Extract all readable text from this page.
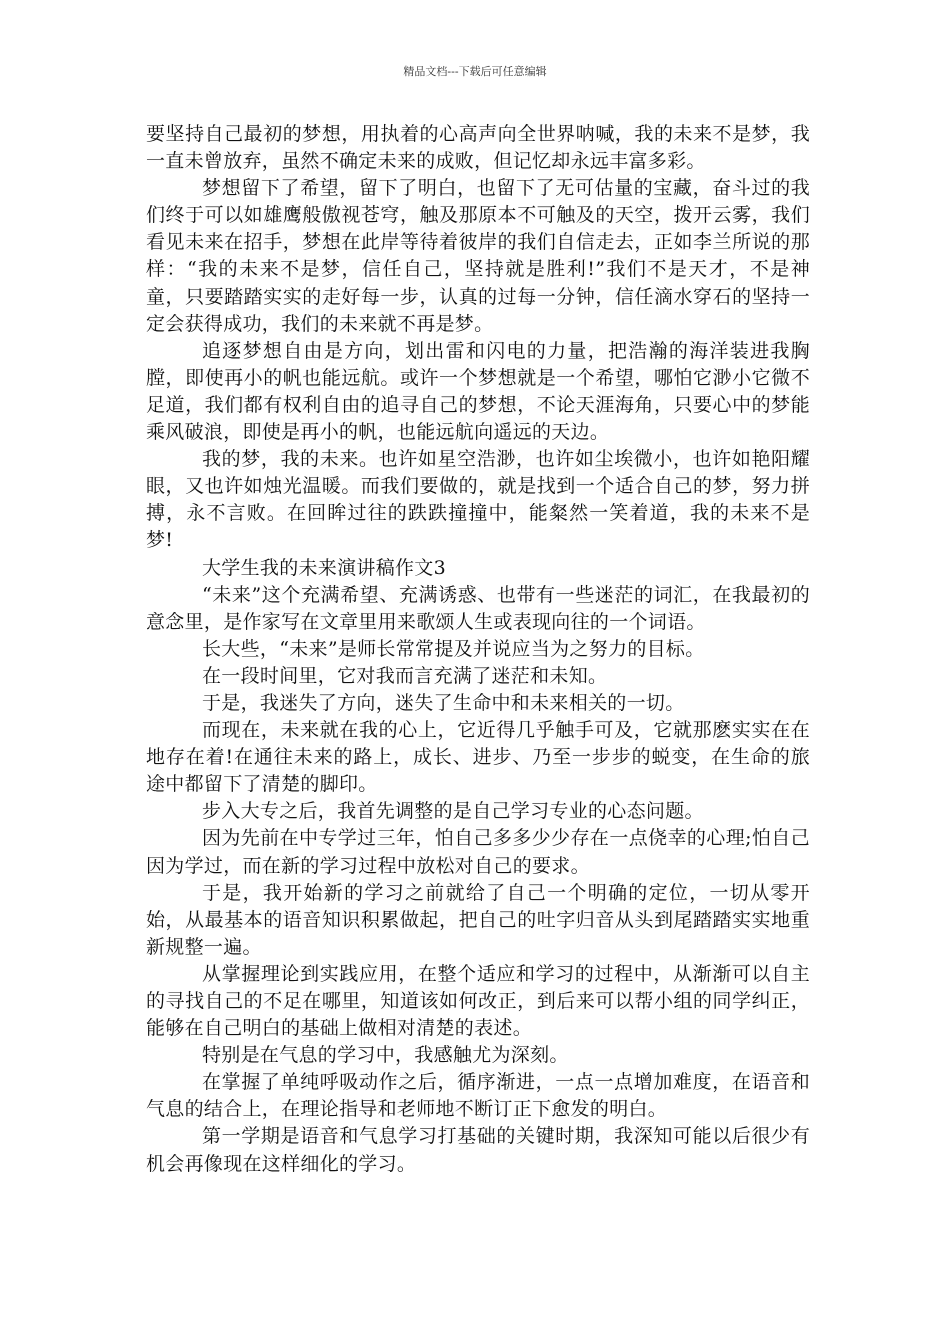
精品文档---下载后可任意编辑

要坚持自己最初的梦想，用执着的心高声向全世界呐喊，我的未来不是梦，我一直未曾放弃，虽然不确定未来的成败，但记忆却永远丰富多彩。

梦想留下了希望，留下了明白，也留下了无可估量的宝藏，奋斗过的我们终于可以如雄鹰般傲视苍穹，触及那原本不可触及的天空，拨开云雾，我们看见未来在招手，梦想在此岸等待着彼岸的我们自信走去，正如李兰所说的那样：“我的未来不是梦，信任自己，坚持就是胜利!”我们不是天才，不是神童，只要踏踏实实的走好每一步，认真的过每一分钟，信任滴水穿石的坚持一定会获得成功，我们的未来就不再是梦。

追逐梦想自由是方向，划出雷和闪电的力量，把浩瀚的海洋装进我胸膛，即使再小的帆也能远航。或许一个梦想就是一个希望，哪怕它渺小它微不足道，我们都有权利自由的追寻自己的梦想，不论天涯海角，只要心中的梦能乘风破浪，即使是再小的帆，也能远航向遥远的天边。

我的梦，我的未来。也许如星空浩渺，也许如尘埃微小，也许如艳阳耀眼，又也许如烛光温暖。而我们要做的，就是找到一个适合自己的梦，努力拼搏，永不言败。在回眸过往的跌跌撞撞中，能粲然一笑着道，我的未来不是梦!

大学生我的未来演讲稿作文3

“未来”这个充满希望、充满诱惑、也带有一些迷茫的词汇，在我最初的意念里，是作家写在文章里用来歌颂人生或表现向往的一个词语。

长大些，“未来”是师长常常提及并说应当为之努力的目标。

在一段时间里，它对我而言充满了迷茫和未知。

于是，我迷失了方向，迷失了生命中和未来相关的一切。

而现在，未来就在我的心上，它近得几乎触手可及，它就那麽实实在在地存在着!在通往未来的路上，成长、进步、乃至一步步的蜕变，在生命的旅途中都留下了清楚的脚印。

步入大专之后，我首先调整的是自己学习专业的心态问题。

因为先前在中专学过三年，怕自己多多少少存在一点侥幸的心理;怕自己因为学过，而在新的学习过程中放松对自己的要求。

于是，我开始新的学习之前就给了自己一个明确的定位，一切从零开始，从最基本的语音知识积累做起，把自己的吐字归音从头到尾踏踏实实地重新规整一遍。

从掌握理论到实践应用，在整个适应和学习的过程中，从渐渐可以自主的寻找自己的不足在哪里，知道该如何改正，到后来可以帮小组的同学纠正，能够在自己明白的基础上做相对清楚的表述。

特别是在气息的学习中，我感触尤为深刻。

在掌握了单纯呼吸动作之后，循序渐进，一点一点增加难度，在语音和气息的结合上，在理论指导和老师地不断订正下愈发的明白。

第一学期是语音和气息学习打基础的关键时期，我深知可能以后很少有机会再像现在这样细化的学习。
